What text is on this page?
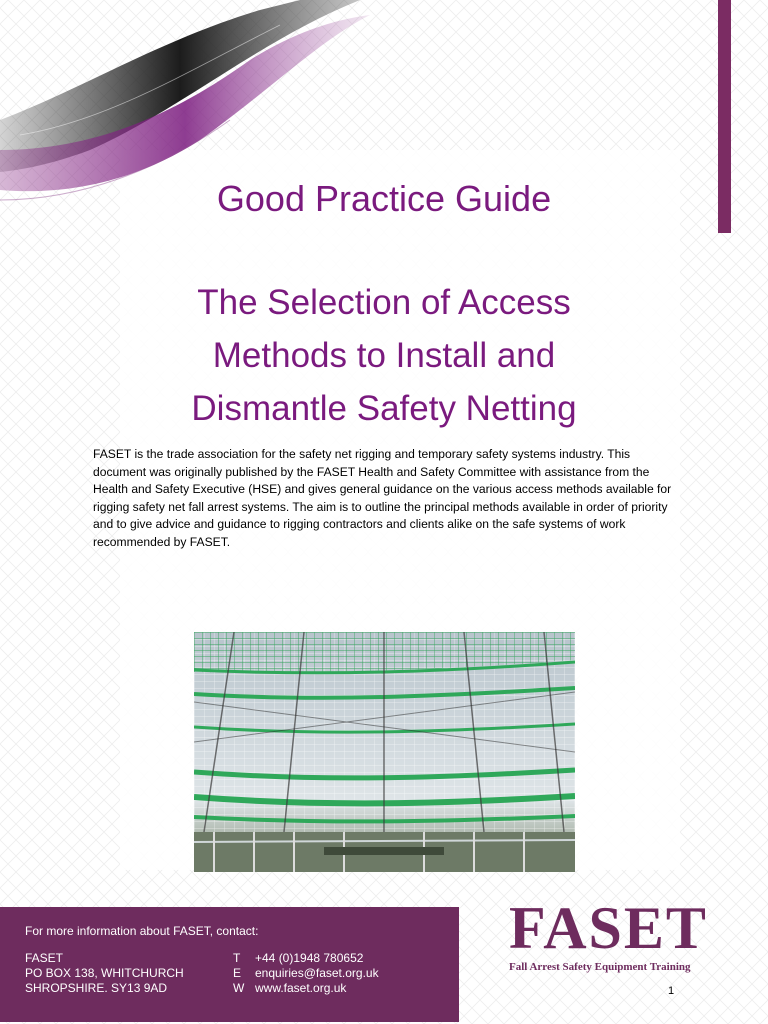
Good Practice Guide
The Selection of Access
Methods to Install and
Dismantle Safety Netting

FASET is the trade association for the safety net rigging and temporary safety systems industry. This document was originally published by the FASET Health and Safety Committee with assistance from the Health and Safety Executive (HSE) and gives general guidance on the various access methods available for rigging safety net fall arrest systems. The aim is to outline the principal methods available in order of priority and to give advice and guidance to rigging contractors and clients alike on the safe systems of work recommended by FASET.

For more information about FASET, contact:
FASET
PO BOX 138, WHITCHURCH
SHROPSHIRE. SY13 9AD
T +44 (0)1948 780652
E enquiries@faset.org.uk
W www.faset.org.uk
FASET
Fall Arrest Safety Equipment Training
1
